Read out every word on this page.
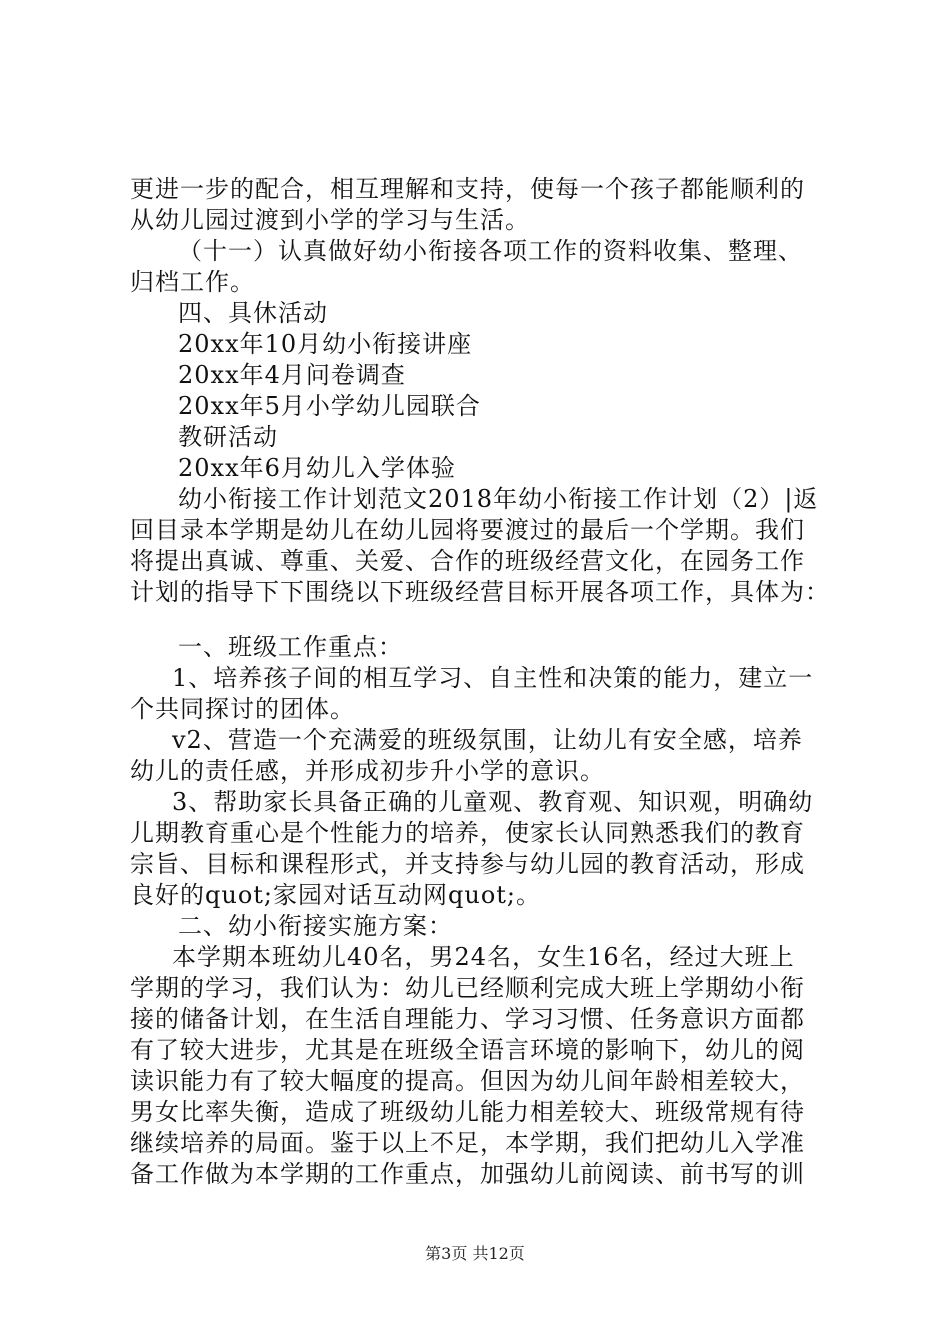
更进一步的配合，相互理解和支持，使每一个孩子都能顺利的
从幼儿园过渡到小学的学习与生活。
（十一）认真做好幼小衔接各项工作的资料收集、整理、
归档工作。
四、具休活动
20xx年10月幼小衔接讲座
20xx年4月问卷调查
20xx年5月小学幼儿园联合
教研活动
20xx年6月幼儿入学体验
幼小衔接工作计划范文2018年幼小衔接工作计划（2）|返
回目录本学期是幼儿在幼儿园将要渡过的最后一个学期。我们
将提出真诚、尊重、关爱、合作的班级经营文化，在园务工作
计划的指导下下围绕以下班级经营目标开展各项工作，具体为：
一、班级工作重点：
1、培养孩子间的相互学习、自主性和决策的能力，建立一
个共同探讨的团体。
v2、营造一个充满爱的班级氛围，让幼儿有安全感，培养
幼儿的责任感，并形成初步升小学的意识。
3、帮助家长具备正确的儿童观、教育观、知识观，明确幼
儿期教育重心是个性能力的培养，使家长认同熟悉我们的教育
宗旨、目标和课程形式，并支持参与幼儿园的教育活动，形成
良好的quot;家园对话互动网quot;。
二、幼小衔接实施方案：
本学期本班幼儿40名，男24名，女生16名，经过大班上
学期的学习，我们认为：幼儿已经顺利完成大班上学期幼小衔
接的储备计划，在生活自理能力、学习习惯、任务意识方面都
有了较大进步，尤其是在班级全语言环境的影响下，幼儿的阅
读识能力有了较大幅度的提高。但因为幼儿间年龄相差较大，
男女比率失衡，造成了班级幼儿能力相差较大、班级常规有待
继续培养的局面。鉴于以上不足，本学期，我们把幼儿入学准
备工作做为本学期的工作重点，加强幼儿前阅读、前书写的训
第3页 共12页
